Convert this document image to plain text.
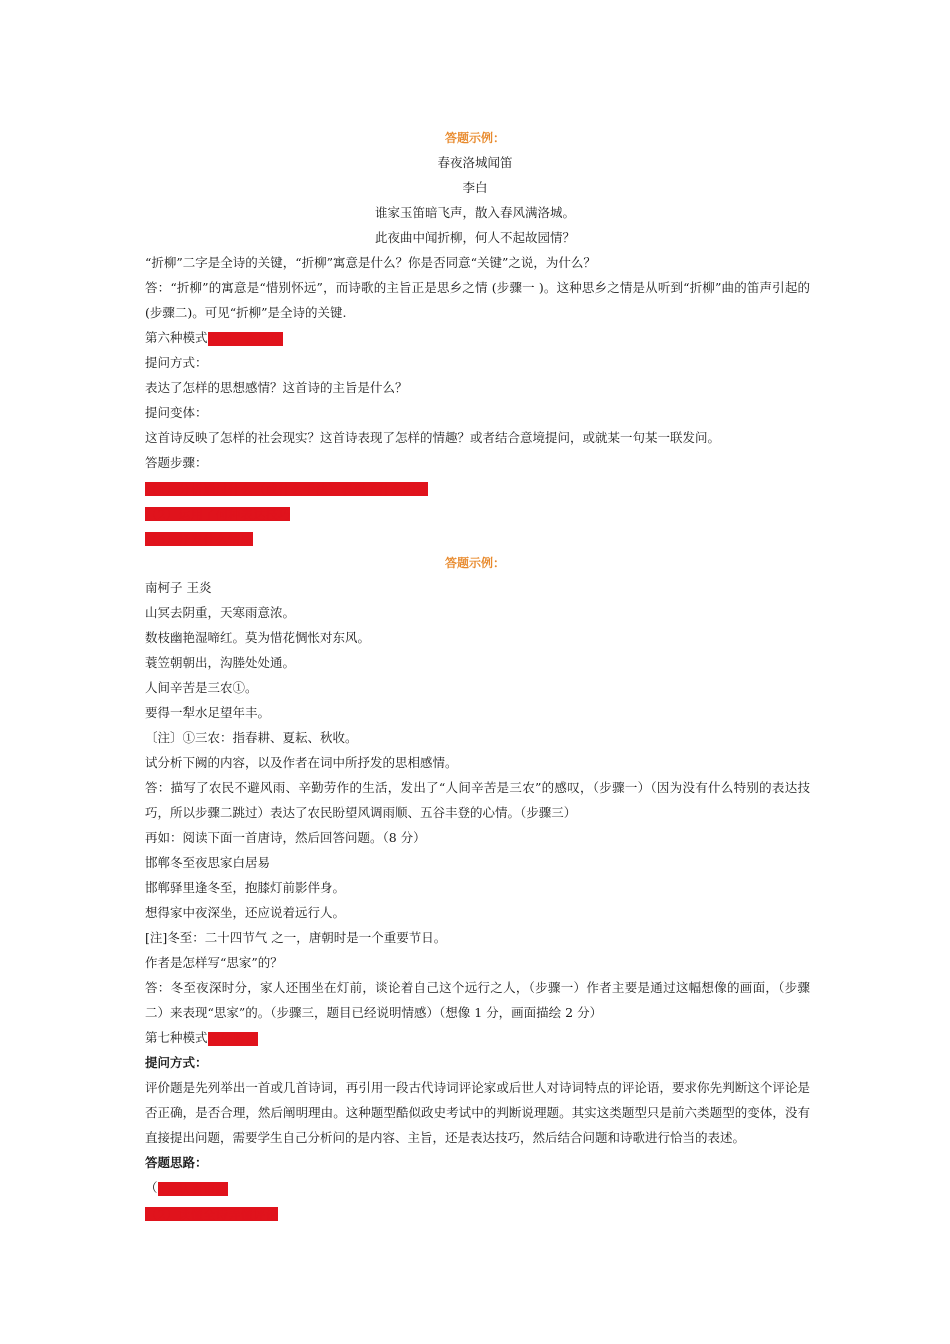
答题示例：
春夜洛城闻笛
李白
谁家玉笛暗飞声，散入春风满洛城。
此夜曲中闻折柳，何人不起故园情？
“折柳”二字是全诗的关键，“折柳”寓意是什么？你是否同意“关键”之说，为什么？
答：“折柳”的寓意是“惜别怀远”，而诗歌的主旨正是思乡之情 (步骤一 )。这种思乡之情是从听到“折柳”曲的笛声引起的(步骤二)。可见“折柳”是全诗的关键.
第六种模式观点、态度型
提问方式：
表达了怎样的思想感情？这首诗的主旨是什么？
提问变体：
这首诗反映了怎样的社会现实？这首诗表现了怎样的情趣？或者结合意境提问，或就某一句某一联发问。
答题步骤：
（1）分析通过什么（或什么手法）表现了什么内容
（2）运用了何种表达技巧
（3）抒发什么情感
答题示例：
南柯子 王炎
山冥去阴重，天寒雨意浓。
数枝幽艳湿啼红。莫为惜花惆怅对东风。
蓑笠朝朝出，沟塍处处通。
人间辛苦是三农①。
要得一犁水足望年丰。
〔注〕①三农：指春耕、夏耘、秋收。
试分析下阙的内容，以及作者在词中所抒发的思相感情。
答：描写了农民不避风雨、辛勤劳作的生活，发出了“人间辛苦是三农”的感叹，（步骤一）（因为没有什么特别的表达技巧，所以步骤二跳过）表达了农民盼望风调雨顺、五谷丰登的心情。（步骤三）
再如：阅读下面一首唐诗，然后回答问题。（8 分）
邯郸冬至夜思家白居易
邯郸驿里逢冬至，抱膝灯前影伴身。
想得家中夜深坐，还应说着远行人。
[注]冬至：二十四节气 之一，唐朝时是一个重要节日。
作者是怎样写“思家”的？
答：冬至夜深时分，家人还围坐在灯前，谈论着自己这个远行之人，（步骤一）作者主要是通过这幅想像的画面，（步骤二）来表现“思家”的。（步骤三，题目已经说明情感）（想像 1 分，画面描绘 2 分）
第七种模式评价鉴赏
提问方式：
评价题是先列举出一首或几首诗词，再引用一段古代诗词评论家或后世人对诗词特点的评论语，要求你先判断这个评论是否正确，是否合理，然后阐明理由。这种题型酷似政史考试中的判断说理题。其实这类题型只是前六类题型的变体，没有直接提出问题，需要学生自己分析问的是内容、主旨，还是表达技巧，然后结合问题和诗歌进行恰当的表述。
答题思路：
（1）认真审题
（2）读懂全诗弄懂评论
